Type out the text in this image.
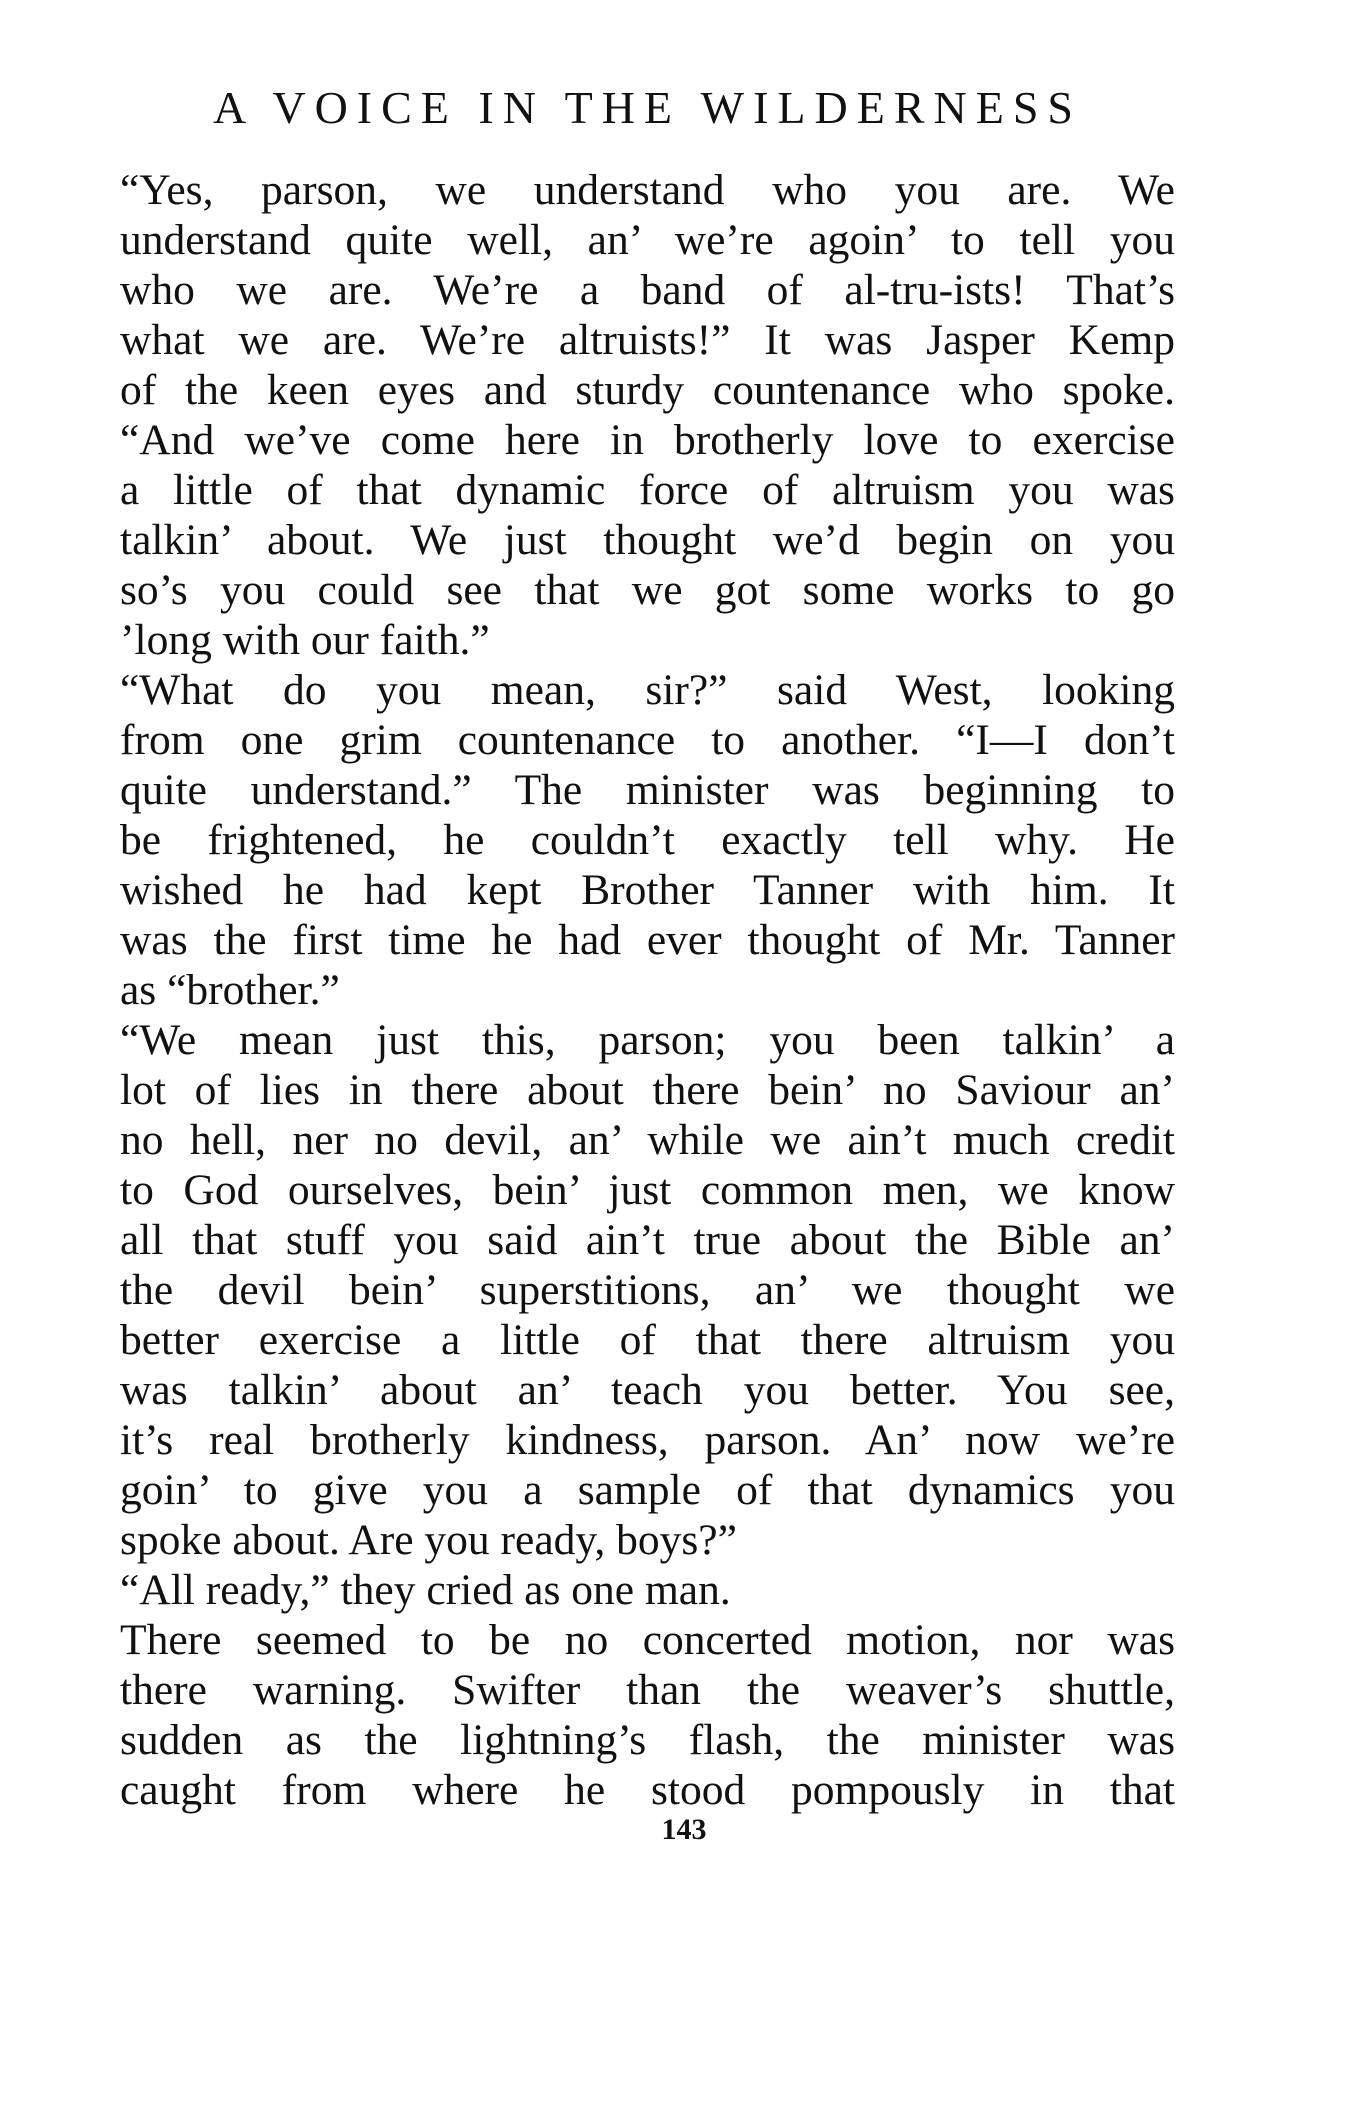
A VOICE IN THE WILDERNESS

“Yes, parson, we understand who you are. We
understand quite well, an’ we’re agoin’ to tell you
who we are. We’re a band of al-tru-ists! That’s
what we are. We’re altruists!” It was Jasper Kemp
of the keen eyes and sturdy countenance who spoke.
“And we’ve come here in brotherly love to exercise
a little of that dynamic force of altruism you was
talkin’ about. We just thought we’d begin on you
so’s you could see that we got some works to go
’long with our faith.”

“What do you mean, sir?” said West, looking
from one grim countenance to another. “I—I don’t
quite understand.” The minister was beginning to
be frightened, he couldn’t exactly tell why. He
wished he had kept Brother Tanner with him. It
was the first time he had ever thought of Mr. Tanner
as “brother.”

“We mean just this, parson; you been talkin’ a
lot of lies in there about there bein’ no Saviour an’
no hell, ner no devil, an’ while we ain’t much credit
to God ourselves, bein’ just common men, we know
all that stuff you said ain’t true about the Bible an’
the devil bein’ superstitions, an’ we thought we
better exercise a little of that there altruism you
was talkin’ about an’ teach you better. You see,
it’s real brotherly kindness, parson. An’ now we’re
goin’ to give you a sample of that dynamics you
spoke about. Are you ready, boys?”

“All ready,” they cried as one man.

There seemed to be no concerted motion, nor was
there warning. Swifter than the weaver’s shuttle,
sudden as the lightning’s flash, the minister was
caught from where he stood pompously in that

143
